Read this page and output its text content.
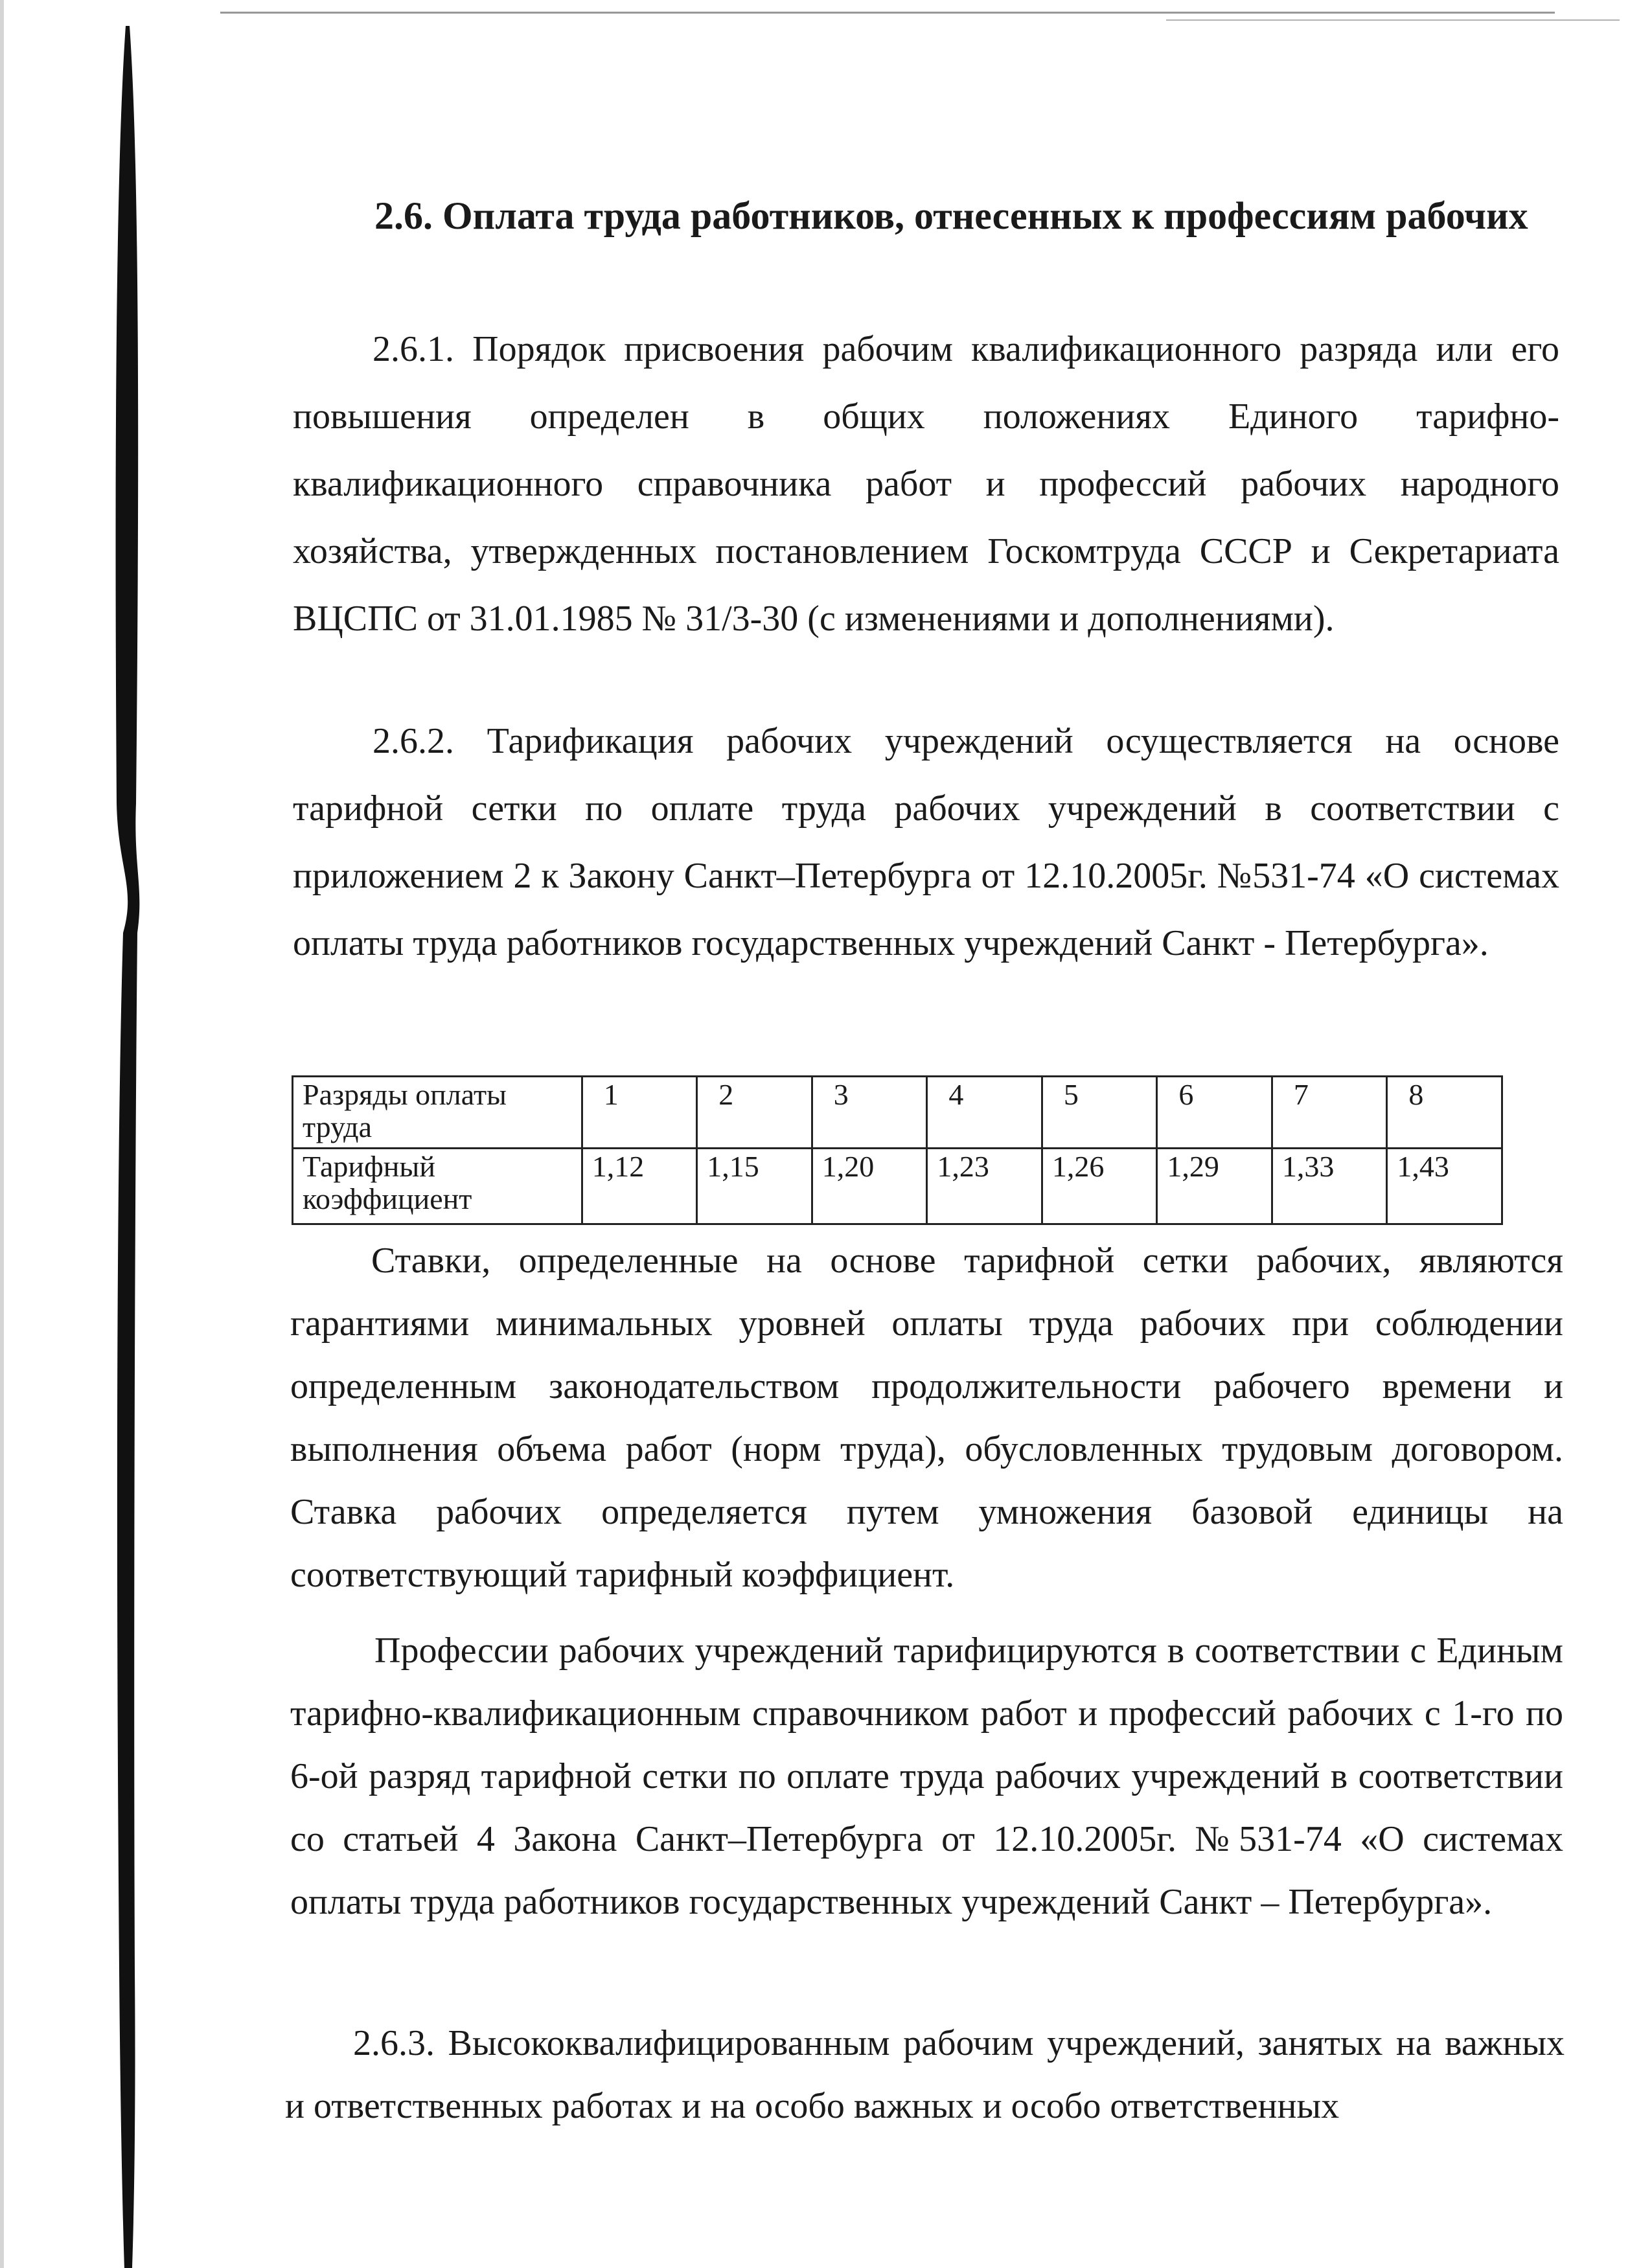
2.6. Оплата труда работников, отнесенных к профессиям рабочих

2.6.1. Порядок присвоения рабочим квалификационного разряда или его повышения определен в общих положениях Единого тарифно-квалификационного справочника работ и профессий рабочих народного хозяйства, утвержденных постановлением Госкомтруда СССР и Секретариата ВЦСПС от 31.01.1985 № 31/3-30 (с изменениями и дополнениями).

2.6.2. Тарификация рабочих учреждений осуществляется на основе тарифной сетки по оплате труда рабочих учреждений в соответствии с приложением 2 к Закону Санкт–Петербурга от 12.10.2005г. №531-74 «О системах оплаты труда работников государственных учреждений Санкт - Петербурга».

Разряды оплаты труда	1	2	3	4	5	6	7	8
Тарифный коэффициент	1,12	1,15	1,20	1,23	1,26	1,29	1,33	1,43

Ставки, определенные на основе тарифной сетки рабочих, являются гарантиями минимальных уровней оплаты труда рабочих при соблюдении определенным законодательством продолжительности рабочего времени и выполнения объема работ (норм труда), обусловленных трудовым договором. Ставка рабочих определяется путем умножения базовой единицы на соответствующий тарифный коэффициент.

Профессии рабочих учреждений тарифицируются в соответствии с Единым тарифно-квалификационным справочником работ и профессий рабочих с 1-го по 6-ой разряд тарифной сетки по оплате труда рабочих учреждений в соответствии со статьей 4 Закона Санкт–Петербурга от 12.10.2005г. №531-74 «О системах оплаты труда работников государственных учреждений Санкт – Петербурга».

2.6.3. Высококвалифицированным рабочим учреждений, занятых на важных и ответственных работах и на особо важных и особо ответственных
